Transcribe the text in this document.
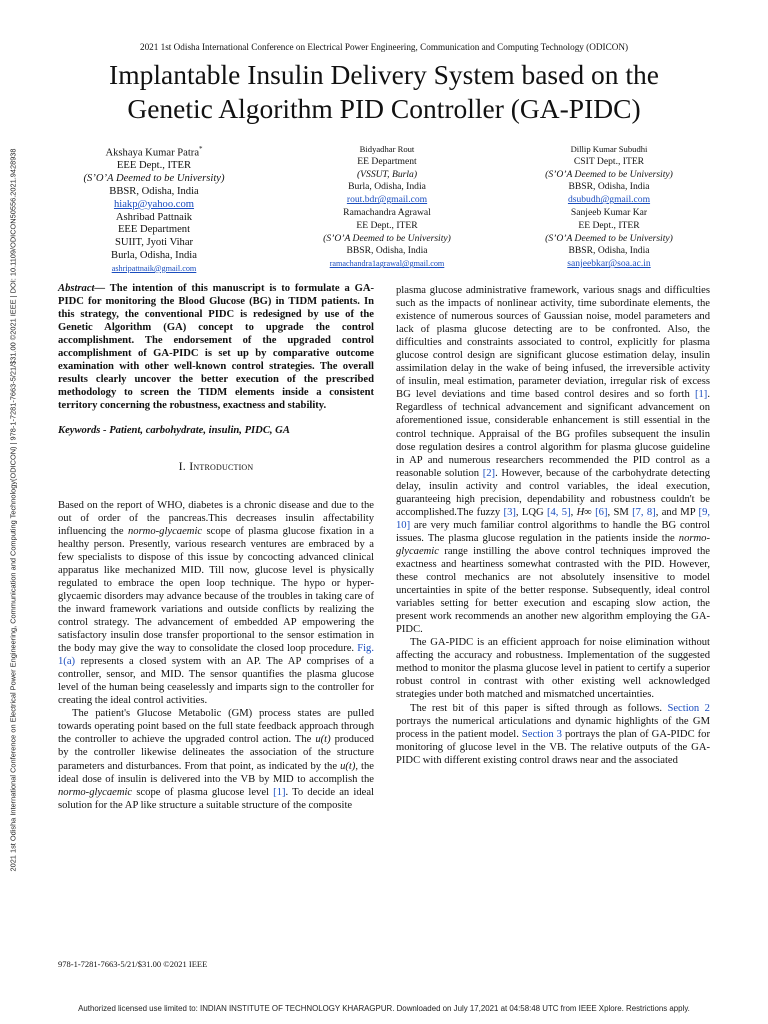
2021 1st Odisha International Conference on Electrical Power Engineering, Communication and Computing Technology(ODICON) | 978-1-7281-7663-5/21/$31.00 ©2021 IEEE | DOI: 10.1109/ODICON50556.2021.9428938
2021 1st Odisha International Conference on Electrical Power Engineering, Communication and Computing Technology (ODICON)
Implantable Insulin Delivery System based on the
Genetic Algorithm PID Controller (GA-PIDC)
Akshaya Kumar Patra*
EEE Dept., ITER
(S’O’A Deemed to be University)
BBSR, Odisha, India
hiakp@yahoo.com
Ashribad Pattnaik
EEE Department
SUIIT, Jyoti Vihar
Burla, Odisha, India
ashripattnaik@gmail.com
Bidyadhar Rout
EE Department
(VSSUT, Burla)
Burla, Odisha, India
rout.bdr@gmail.com
Ramachandra Agrawal
EE Dept., ITER
(S’O’A Deemed to be University)
BBSR, Odisha, India
ramachandra1agrawal@gmail.com
Dillip Kumar Subudhi
CSIT Dept., ITER
(S’O’A Deemed to be University)
BBSR, Odisha, India
dsubudh@gmail.com
Sanjeeb Kumar Kar
EE Dept., ITER
(S’O’A Deemed to be University)
BBSR, Odisha, India
sanjeebkar@soa.ac.in

Abstract— The intention of this manuscript is to formulate a GA-PIDC for monitoring the Blood Glucose (BG) in TIDM patients. In this strategy, the conventional PIDC is redesigned by use of the Genetic Algorithm (GA) concept to upgrade the control accomplishment. The endorsement of the upgraded control accomplishment of GA-PIDC is set up by comparative outcome examination with other well-known control strategies. The overall results clearly uncover the better execution of the prescribed methodology to screen the TIDM elements inside a consistent territory concerning the robustness, exactness and stability.

Keywords - Patient, carbohydrate, insulin, PIDC, GA

I. Introduction

Based on the report of WHO, diabetes is a chronic disease and due to the out of order of the pancreas.This decreases insulin affectability influencing the normo-glycaemic scope of plasma glucose fixation in a healthy person. Presently, various research ventures are embraced by a few specialists to dispose of this issue by concocting advanced clinical apparatus like mechanized MID. Till now, glucose level is physically regulated to embrace the open loop technique. The hypo or hyper-glycaemic disorders may advance because of the troubles in taking care of the inward framework variations and outside conflicts by realizing the control strategy. The advancement of embedded AP empowering the satisfactory insulin dose transfer proportional to the sensor estimation in the body may give the way to consolidate the closed loop procedure. Fig. 1(a) represents a closed system with an AP. The AP comprises of a controller, sensor, and MID. The sensor quantifies the plasma glucose level of the human being ceaselessly and imparts sign to the controller for creating the ideal control activities.

The patient's Glucose Metabolic (GM) process states are pulled towards operating point based on the full state feedback approach through the controller to achieve the upgraded control action. The u(t) produced by the controller likewise delineates the association of the structure parameters and disturbances. From that point, as indicated by the u(t), the ideal dose of insulin is delivered into the VB by MID to accomplish the normo-glycaemic scope of plasma glucose level [1]. To decide an ideal solution for the AP like structure a suitable structure of the composite

plasma glucose administrative framework, various snags and difficulties such as the impacts of nonlinear activity, time subordinate elements, the existence of numerous sources of Gaussian noise, model parameters and lack of plasma glucose detecting are to be confronted. Also, the difficulties and constraints associated to control, explicitly for plasma glucose control design are significant glucose estimation delay, insulin assimilation delay in the wake of being infused, the irreversible activity of insulin, meal estimation, parameter deviation, irregular risk of excess BG level deviations and time based control desires and so forth [1]. Regardless of technical advancement and significant advancement on aforementioned issue, considerable enhancement is still essential in the control technique. Appraisal of the BG profiles subsequent the insulin dose regulation desires a control algorithm for plasma glucose guideline in AP and numerous researchers recommended the PID control as a reasonable solution [2]. However, because of the carbohydrate detecting delay, insulin activity and control variables, the ideal execution, guaranteeing high precision, dependability and robustness couldn't be accomplished.The fuzzy [3], LQG [4, 5], H∞ [6], SM [7, 8], and MP [9, 10] are very much familiar control algorithms to handle the BG control issues. The plasma glucose regulation in the patients inside the normo-glycaemic range instilling the above control techniques improved the exactness and heartiness somewhat contrasted with the PID. However, these control mechanics are not absolutely insensitive to model uncertainties in spite of the better response. Subsequently, ideal control variables setting for better execution and escaping slow action, the present work recommends an another new algorithm employing the GA-PIDC.

The GA-PIDC is an efficient approach for noise elimination without affecting the accuracy and robustness. Implementation of the suggested method to monitor the plasma glucose level in patient to certify a superior robust control in contrast with other existing well acknowledged strategies under both matched and mismatched uncertainties.

The rest bit of this paper is sifted through as follows. Section 2 portrays the numerical articulations and dynamic highlights of the GM process in the patient model. Section 3 portrays the plan of GA-PIDC for monitoring of glucose level in the VB. The relative outputs of the GA-PIDC with different existing control draws near and the associated

978-1-7281-7663-5/21/$31.00 ©2021 IEEE
Authorized licensed use limited to: INDIAN INSTITUTE OF TECHNOLOGY KHARAGPUR. Downloaded on July 17,2021 at 04:58:48 UTC from IEEE Xplore. Restrictions apply.
